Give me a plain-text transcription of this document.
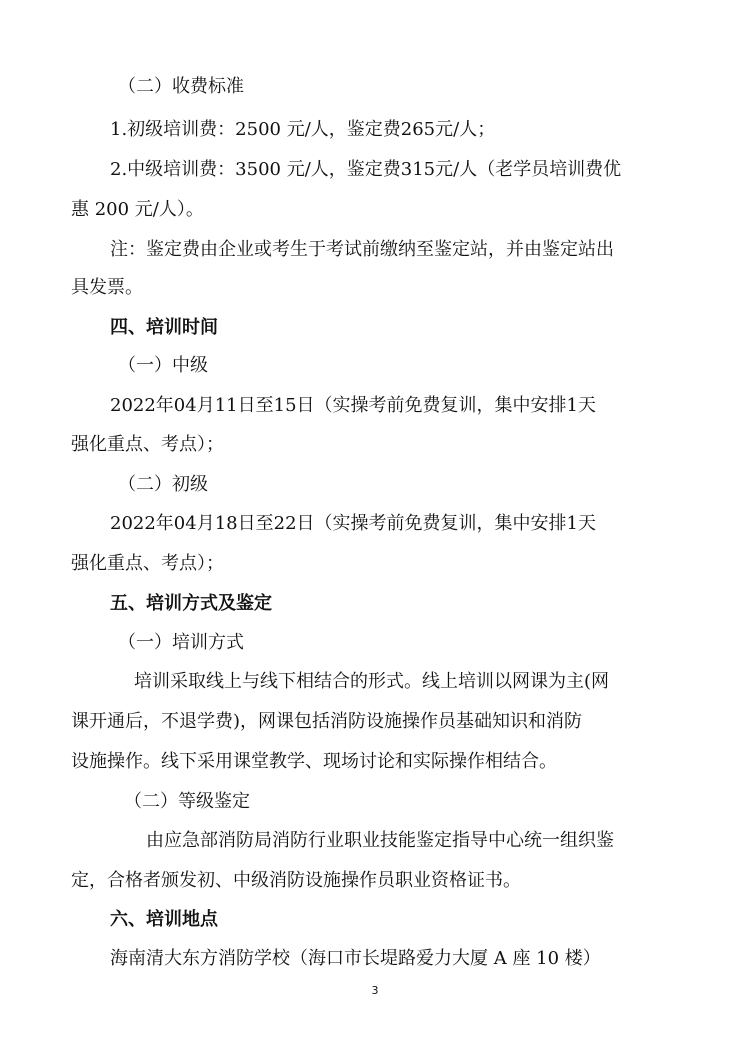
（二）收费标准
1.初级培训费：2500 元/人，鉴定费265元/人；
2.中级培训费：3500 元/人，鉴定费315元/人（老学员培训费优
惠 200 元/人）。
注：鉴定费由企业或考生于考试前缴纳至鉴定站，并由鉴定站出
具发票。
四、培训时间
（一）中级
2022年04月11日至15日（实操考前免费复训，集中安排1天
强化重点、考点）；
（二）初级
2022年04月18日至22日（实操考前免费复训，集中安排1天
强化重点、考点）；
五、培训方式及鉴定
（一）培训方式
培训采取线上与线下相结合的形式。线上培训以网课为主(网
课开通后，不退学费)，网课包括消防设施操作员基础知识和消防
设施操作。线下采用课堂教学、现场讨论和实际操作相结合。
（二）等级鉴定
由应急部消防局消防行业职业技能鉴定指导中心统一组织鉴
定，合格者颁发初、中级消防设施操作员职业资格证书。
六、培训地点
海南清大东方消防学校（海口市长堤路爱力大厦 A 座 10 楼）
3
